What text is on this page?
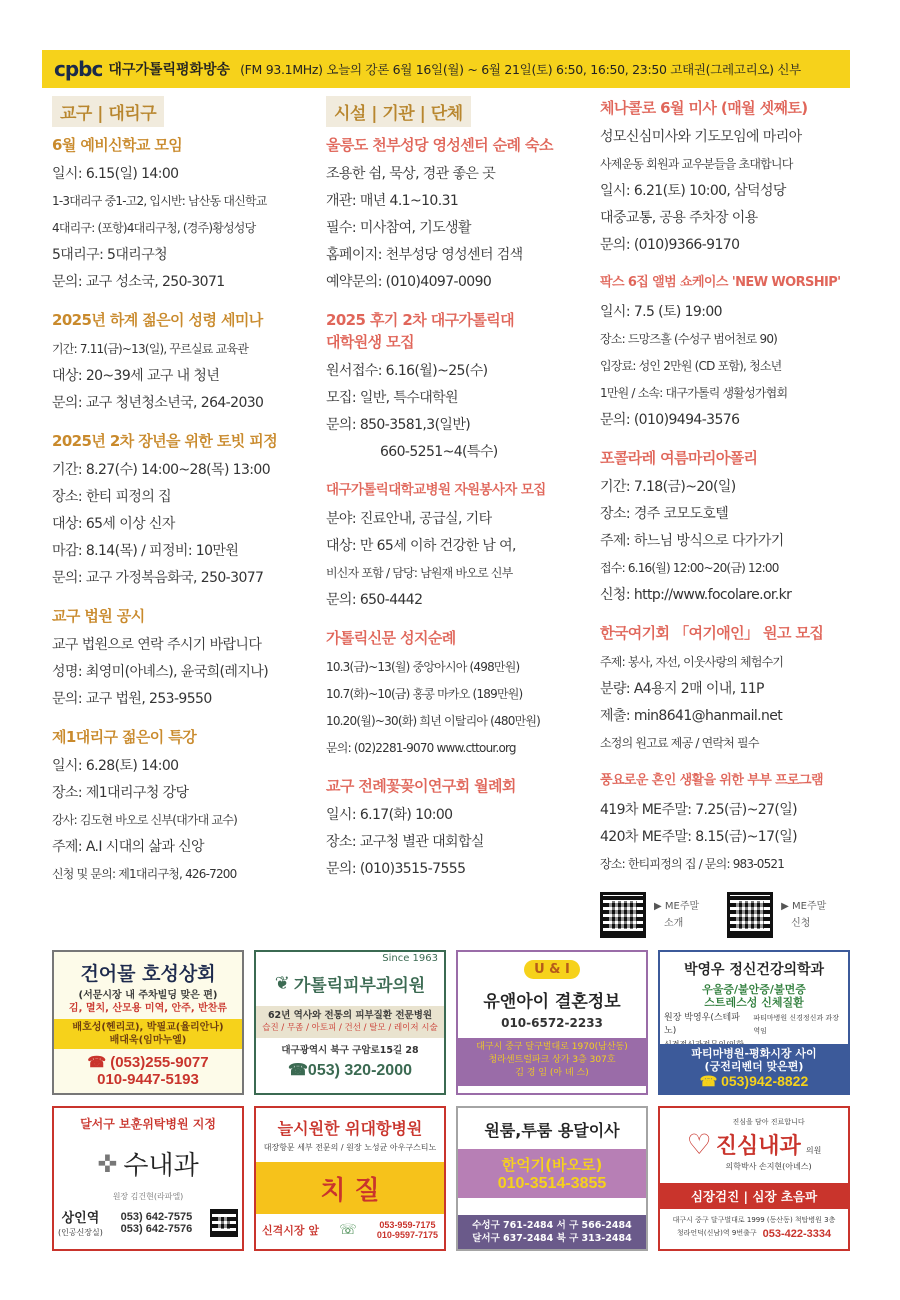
cpbc 대구가톨릭평화방송 (FM 93.1MHz) 오늘의 강론 6월 16일(월) ~ 6월 21일(토) 6:50, 16:50, 23:50 고태권(그레고리오) 신부
교구 | 대리구
6월 예비신학교 모임
일시: 6.15(일) 14:00
1-3대리구 중1-고2, 입시반: 남산동 대신학교
4대리구: (포항)4대리구청, (경주)황성성당
5대리구: 5대리구청
문의: 교구 성소국, 250-3071
2025년 하계 젊은이 성령 세미나
기간: 7.11(금)~13(일), 꾸르실료 교육관
대상: 20~39세 교구 내 청년
문의: 교구 청년청소년국, 264-2030
2025년 2차 장년을 위한 토빗 피정
기간: 8.27(수) 14:00~28(목) 13:00
장소: 한티 피정의 집
대상: 65세 이상 신자
마감: 8.14(목) / 피정비: 10만원
문의: 교구 가정복음화국, 250-3077
교구 법원 공시
교구 법원으로 연락 주시기 바랍니다
성명: 최영미(아녜스), 윤국희(레지나)
문의: 교구 법원, 253-9550
제1대리구 젊은이 특강
일시: 6.28(토) 14:00
장소: 제1대리구청 강당
강사: 김도현 바오로 신부(대가대 교수)
주제: A.I 시대의 삶과 신앙
신청 및 문의: 제1대리구청, 426-7200
시설 | 기관 | 단체
울릉도 천부성당 영성센터 순례 숙소
조용한 쉼, 묵상, 경관 좋은 곳
개관: 매년 4.1~10.31
필수: 미사참여, 기도생활
홈페이지: 천부성당 영성센터 검색
예약문의: (010)4097-0090
2025 후기 2차 대구가톨릭대
대학원생 모집
원서접수: 6.16(월)~25(수)
모집: 일반, 특수대학원
문의: 850-3581,3(일반)
660-5251~4(특수)
대구가톨릭대학교병원 자원봉사자 모집
분야: 진료안내, 공급실, 기타
대상: 만 65세 이하 건강한 남 여,
비신자 포함 / 담당: 남원재 바오로 신부
문의: 650-4442
가톨릭신문 성지순례
10.3(금)~13(월) 중앙아시아 (498만원)
10.7(화)~10(금) 홍콩 마카오 (189만원)
10.20(월)~30(화) 희년 이탈리아 (480만원)
문의: (02)2281-9070 www.cttour.org
교구 전례꽃꽂이연구회 월례회
일시: 6.17(화) 10:00
장소: 교구청 별관 대회합실
문의: (010)3515-7555
체나콜로 6월 미사 (매월 셋째토)
성모신심미사와 기도모임에 마리아
사제운동 회원과 교우분들을 초대합니다
일시: 6.21(토) 10:00, 삼덕성당
대중교통, 공용 주차장 이용
문의: (010)9366-9170
팍스 6집 앨범 쇼케이스 'NEW WORSHIP'
일시: 7.5 (토) 19:00
장소: 드망즈홀 (수성구 범어천로 90)
입장료: 성인 2만원 (CD 포함), 청소년
1만원 / 소속: 대구가톨릭 생활성가협회
문의: (010)9494-3576
포콜라레 여름마리아폴리
기간: 7.18(금)~20(일)
장소: 경주 코모도호텔
주제: 하느님 방식으로 다가가기
접수: 6.16(월) 12:00~20(금) 12:00
신청: http://www.focolare.or.kr
한국여기회 「여기애인」 원고 모집
주제: 봉사, 자선, 이웃사랑의 체험수기
분량: A4용지 2매 이내, 11P
제출: min8641@hanmail.net
소정의 원고료 제공 / 연락처 필수
풍요로운 혼인 생활을 위한 부부 프로그램
419차 ME주말: 7.25(금)~27(일)
420차 ME주말: 8.15(금)~17(일)
장소: 한티피정의 집 / 문의: 983-0521
▶ ME주말
소개
▶ ME주말
신청
건어물 호성상회
(서문시장 내 주차빌딩 맞은 편)
김, 멸치, 산모용 미역, 안주, 반찬류
배호성(헨리코), 박필교(율리안나)
배대욱(임마누엘)
☎ (053)255-9077
010-9447-5193
Since 1963
❦ 가톨릭피부과의원
62년 역사와 전통의 피부질환 전문병원
습진 / 무좀 / 아토피 / 건선 / 탈모 / 레이저 시술
대구광역시 북구 구암로15길 28
☎053) 320-2000
U & I
유앤아이 결혼정보
010-6572-2233
대구시 중구 달구벌대로 1970(남산동)
청라센트럴파크 상가 3층 307호
김 경 임 (아 녜 스)
박영우 정신건강의학과
우울증/불안증/불면증
스트레스성 신체질환
원장 박영우(스테파노)
파티마병원 신경정신과 과장 역임
파티마병원-평화시장 사이
(궁전리벤더 맞은편)
☎ 053)942-8822
달서구 보훈위탁병원 지정
✜ 수내과
원장 김건현(라파엘)
상인역
(인공신장실)
053) 642-7575
053) 642-7576
늘시원한 위대항병원
대장항문 세부 전문의 / 원장 노성균 아우구스티노
치 질
신격시장 앞 ☏	053-959-7175
010-9597-7175
원룸,투룸 용달이사
한억기(바오로)
010-3514-3855
수성구 761-2484 서 구 566-2484
달서구 637-2484 북 구 313-2484
♡
진심을 담아 진료합니다
진심내과 의원
의학박사 손지현(아녜스)
심장검진 | 심장 초음파
대구시 중구 달구벌대로 1999 (동산동) 척탑병원 3층
청라언덕(신남)역 9번출구 053-422-3334
